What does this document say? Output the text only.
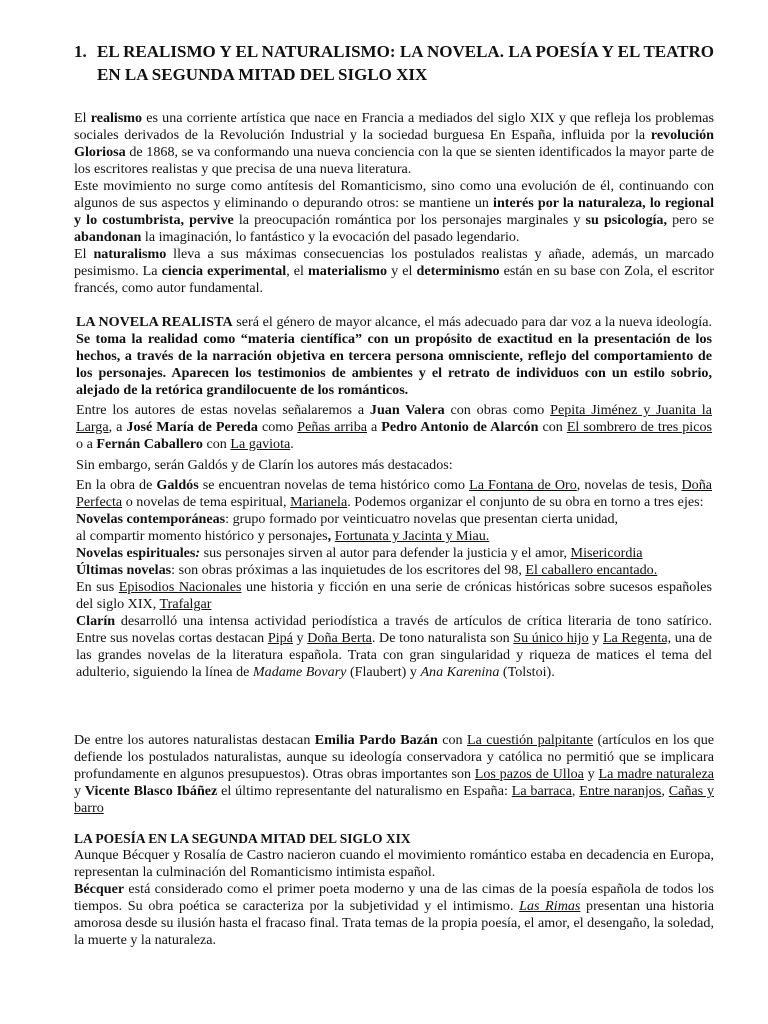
1. EL REALISMO Y EL NATURALISMO: LA NOVELA. LA POESÍA Y EL TEATRO EN LA SEGUNDA MITAD DEL SIGLO XIX

El realismo es una corriente artística que nace en Francia a mediados del siglo XIX y que refleja los problemas sociales derivados de la Revolución Industrial y la sociedad burguesa En España, influida por la revolución Gloriosa de 1868, se va conformando una nueva conciencia con la que se sienten identificados la mayor parte de los escritores realistas y que precisa de una nueva literatura.

Este movimiento no surge como antítesis del Romanticismo, sino como una evolución de él, continuando con algunos de sus aspectos y eliminando o depurando otros: se mantiene un interés por la naturaleza, lo regional y lo costumbrista, pervive la preocupación romántica por los personajes marginales y su psicología, pero se abandonan la imaginación, lo fantástico y la evocación del pasado legendario.

El naturalismo lleva a sus máximas consecuencias los postulados realistas y añade, además, un marcado pesimismo. La ciencia experimental, el materialismo y el determinismo están en su base con Zola, el escritor francés, como autor fundamental.

LA NOVELA REALISTA será el género de mayor alcance, el más adecuado para dar voz a la nueva ideología. Se toma la realidad como “materia científica” con un propósito de exactitud en la presentación de los hechos, a través de la narración objetiva en tercera persona omnisciente, reflejo del comportamiento de los personajes. Aparecen los testimonios de ambientes y el retrato de individuos con un estilo sobrio, alejado de la retórica grandilocuente de los románticos.

Entre los autores de estas novelas señalaremos a Juan Valera con obras como Pepita Jiménez y Juanita la Larga, a José María de Pereda como Peñas arriba a Pedro Antonio de Alarcón con El sombrero de tres picos o a Fernán Caballero con La gaviota.

Sin embargo, serán Galdós y de Clarín los autores más destacados:

En la obra de Galdós se encuentran novelas de tema histórico como La Fontana de Oro, novelas de tesis, Doña Perfecta o novelas de tema espiritual, Marianela. Podemos organizar el conjunto de su obra en torno a tres ejes:

Novelas contemporáneas: grupo formado por veinticuatro novelas que presentan cierta unidad,

al compartir momento histórico y personajes, Fortunata y Jacinta y Miau.

Novelas espirituales: sus personajes sirven al autor para defender la justicia y el amor, Misericordia

Últimas novelas: son obras próximas a las inquietudes de los escritores del 98, El caballero encantado.

En sus Episodios Nacionales une historia y ficción en una serie de crónicas históricas sobre sucesos españoles del siglo XIX, Trafalgar

Clarín desarrolló una intensa actividad periodística a través de artículos de crítica literaria de tono satírico. Entre sus novelas cortas destacan Pipá y Doña Berta. De tono naturalista son Su único hijo y La Regenta, una de las grandes novelas de la literatura española. Trata con gran singularidad y riqueza de matices el tema del adulterio, siguiendo la línea de Madame Bovary (Flaubert) y Ana Karenina (Tolstoi).

De entre los autores naturalistas destacan Emilia Pardo Bazán con La cuestión palpitante (artículos en los que defiende los postulados naturalistas, aunque su ideología conservadora y católica no permitió que se implicara profundamente en algunos presupuestos). Otras obras importantes son Los pazos de Ulloa y La madre naturaleza y Vicente Blasco Ibáñez el último representante del naturalismo en España: La barraca, Entre naranjos, Cañas y barro

LA POESÍA EN LA SEGUNDA MITAD DEL SIGLO XIX

Aunque Bécquer y Rosalía de Castro nacieron cuando el movimiento romántico estaba en decadencia en Europa, representan la culminación del Romanticismo intimista español.

Bécquer está considerado como el primer poeta moderno y una de las cimas de la poesía española de todos los tiempos. Su obra poética se caracteriza por la subjetividad y el intimismo. Las Rimas presentan una historia amorosa desde su ilusión hasta el fracaso final. Trata temas de la propia poesía, el amor, el desengaño, la soledad, la muerte y la naturaleza.
